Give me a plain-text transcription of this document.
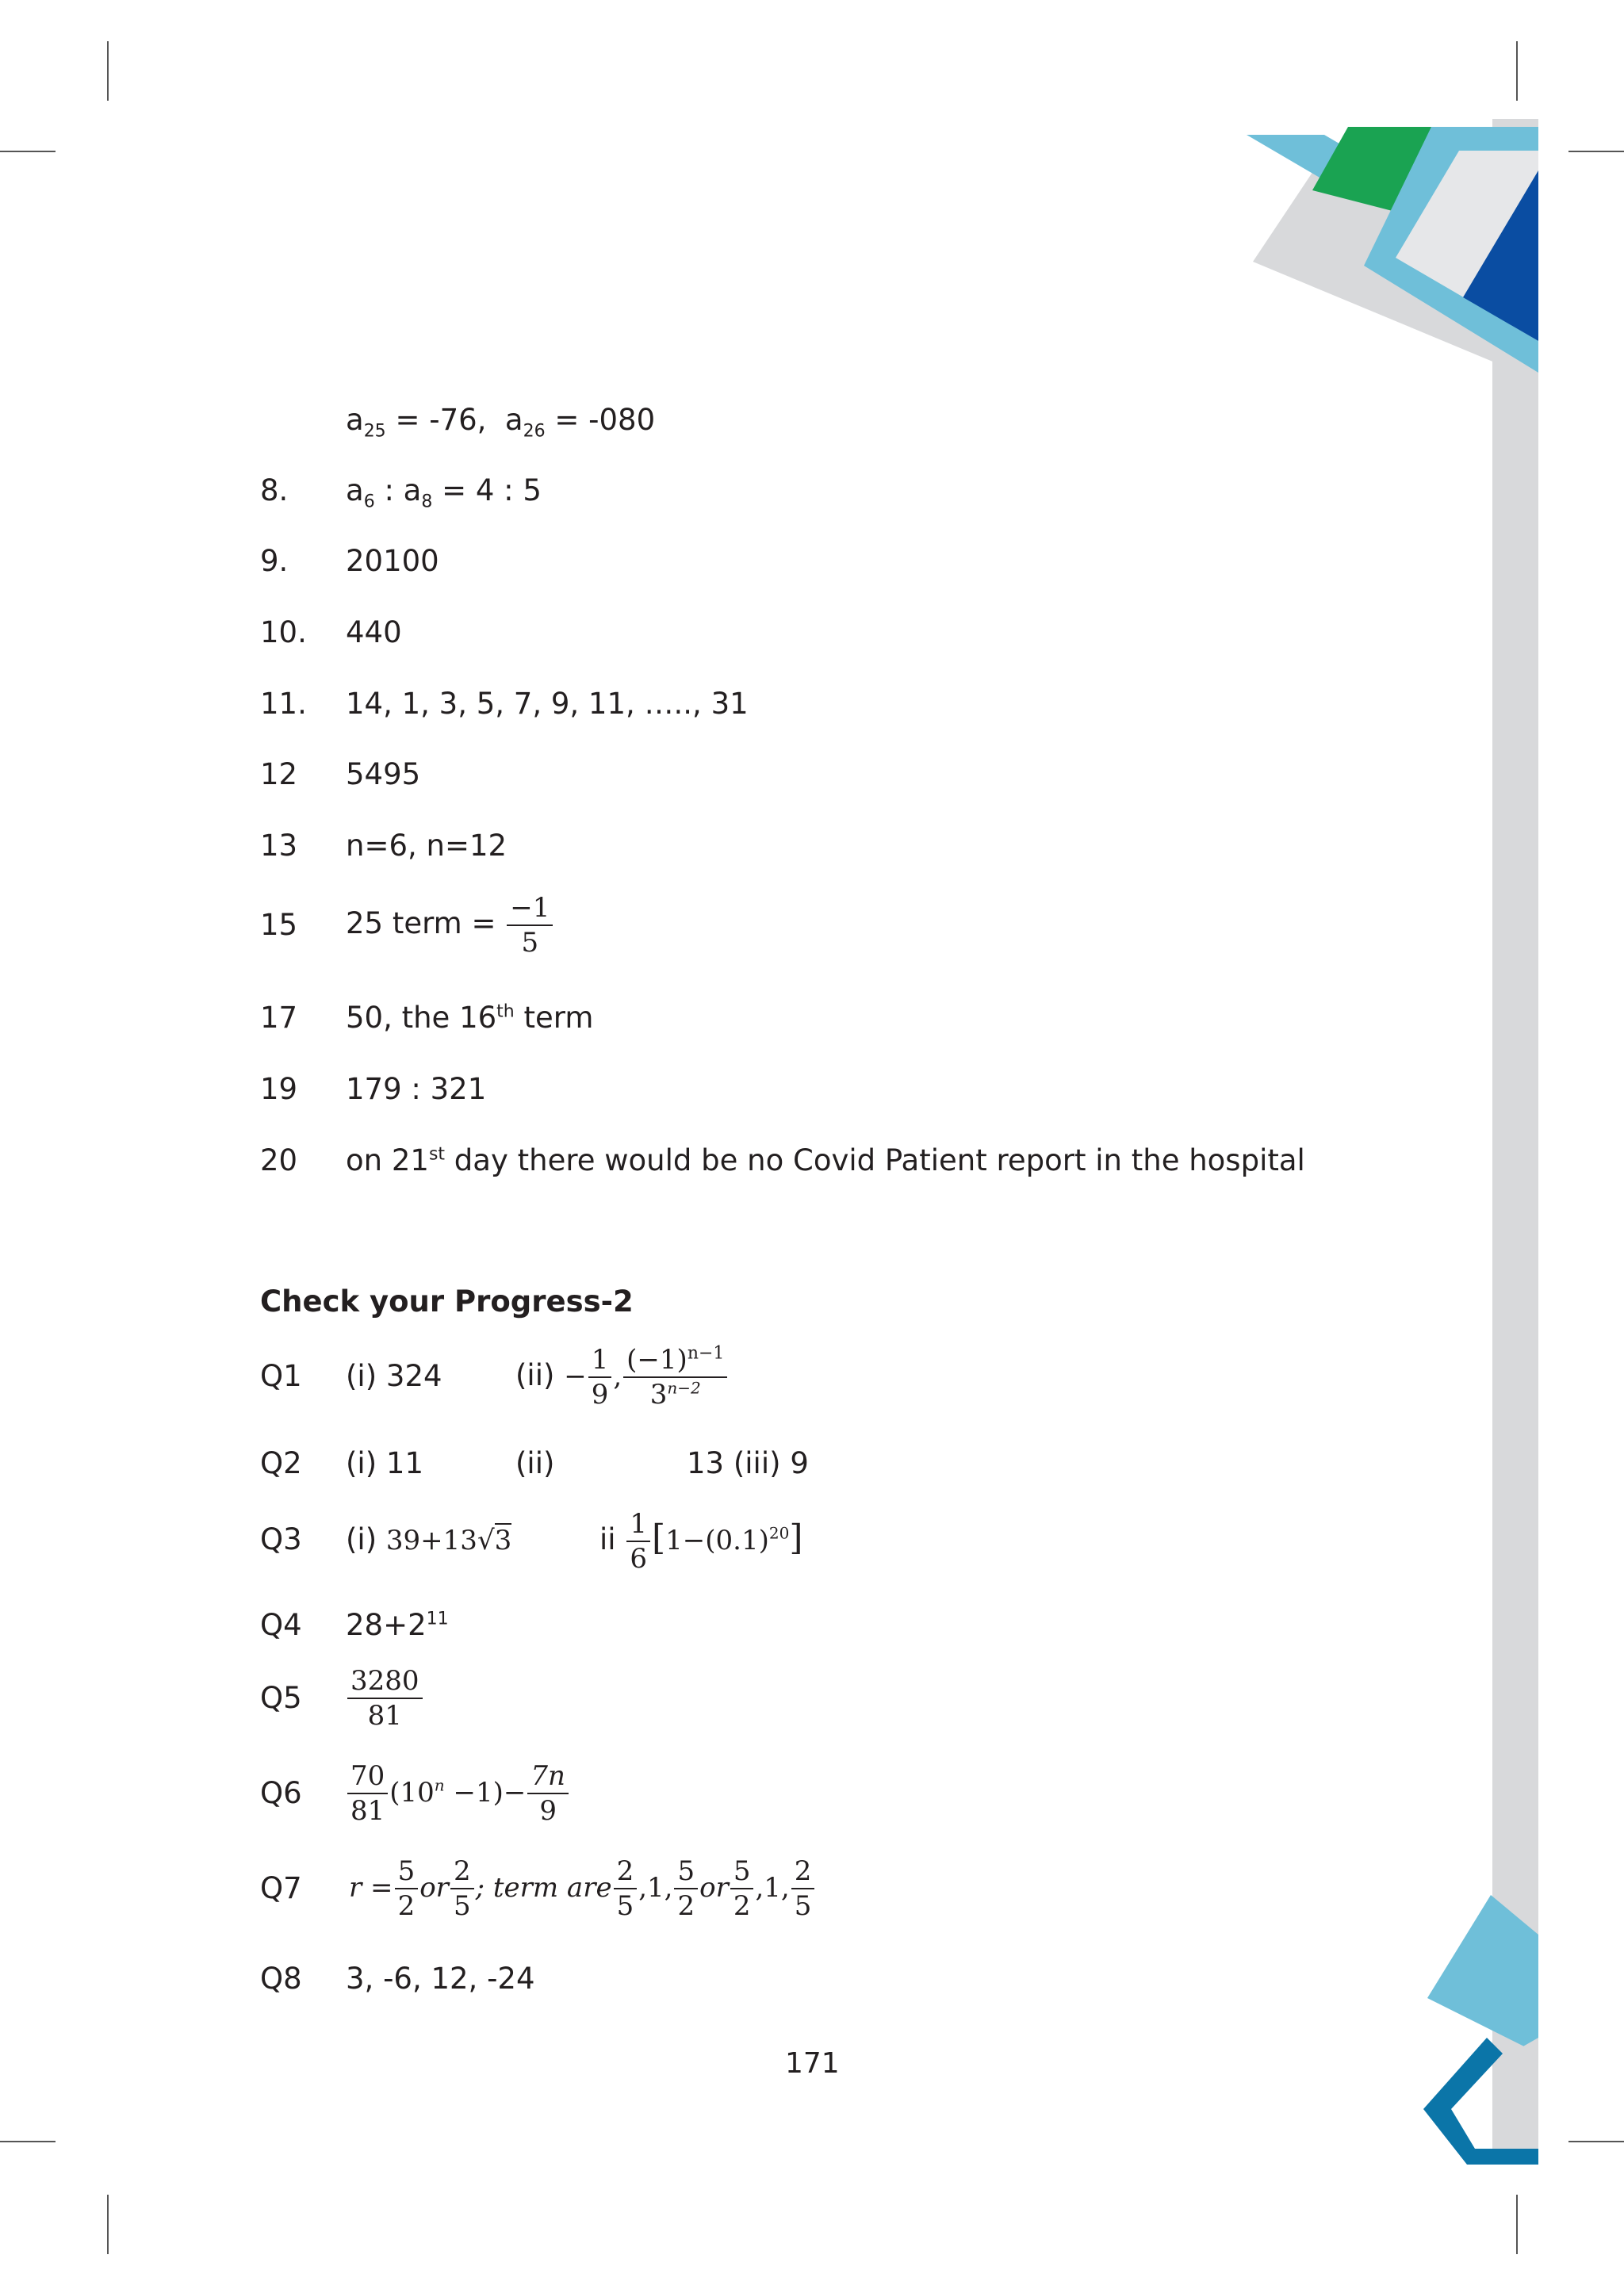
$a_{25} = -76$,  $a_{26} = -080$
8. $a_6$ : $a_8 = 4$ : 5
9. 20100
10. 440
11. 14, 1, 3, 5, 7, 9, 11, ….., 31
12 5495
13 n=6, n=12
15 25 term = $\frac{-1}{5}$
17 50, the 16th term
19 179 : 321
20 on 21st day there would be no Covid Patient report in the hospital
Check your Progress-2
Q1 (i) 324 $(ii) - \frac{1}{9}$ , $\frac{(-1)^{n-1}}{3^{n-2}}$
Q2 (i) 11	(ii)	13 (iii) 9
Q3 (i) 39+13√3	ii $\frac{1}{6} [1-(0.1)^{20}]$
Q4 $28+2^{11}$
$Q5 \frac{3280}{81}$
$Q6 \frac{70}{81} (10^n -1)- \frac{7n}{9}$
Q7 $r = \frac{5}{2}$ or $\frac{2}{5}$ ; term are $\frac{2}{5} ,1$, $\frac{5}{2}$ or $\frac{5}{2} ,1$, $\frac{2}{5}$
Q8 3, -6, 12, -24
171
